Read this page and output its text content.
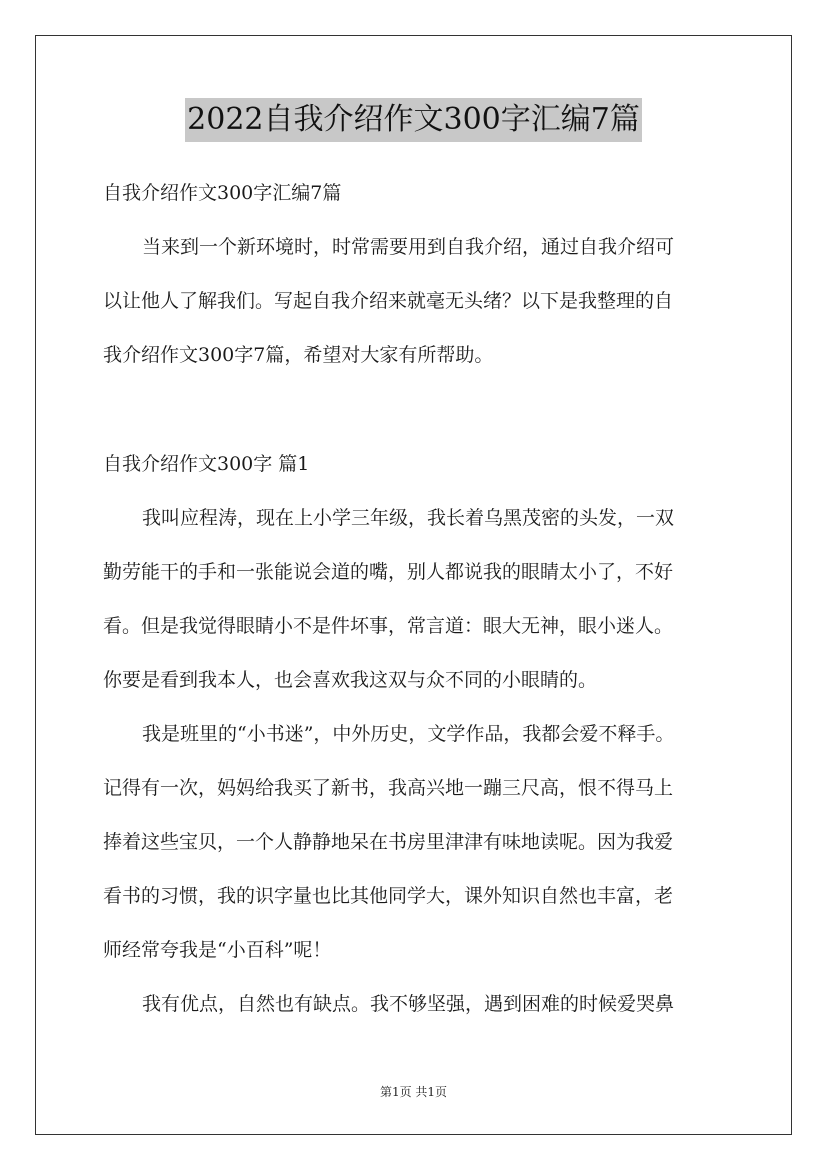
2022自我介绍作文300字汇编7篇
自我介绍作文300字汇编7篇
当来到一个新环境时，时常需要用到自我介绍，通过自我介绍可
以让他人了解我们。写起自我介绍来就毫无头绪？以下是我整理的自
我介绍作文300字7篇，希望对大家有所帮助。
自我介绍作文300字 篇1
我叫应程涛，现在上小学三年级，我长着乌黑茂密的头发，一双
勤劳能干的手和一张能说会道的嘴，别人都说我的眼睛太小了，不好
看。但是我觉得眼睛小不是件坏事，常言道：眼大无神，眼小迷人。
你要是看到我本人，也会喜欢我这双与众不同的小眼睛的。
我是班里的“小书迷”，中外历史，文学作品，我都会爱不释手。
记得有一次，妈妈给我买了新书，我高兴地一蹦三尺高，恨不得马上
捧着这些宝贝，一个人静静地呆在书房里津津有味地读呢。因为我爱
看书的习惯，我的识字量也比其他同学大，课外知识自然也丰富，老
师经常夸我是“小百科”呢！
我有优点，自然也有缺点。我不够坚强，遇到困难的时候爱哭鼻
第1页 共1页
